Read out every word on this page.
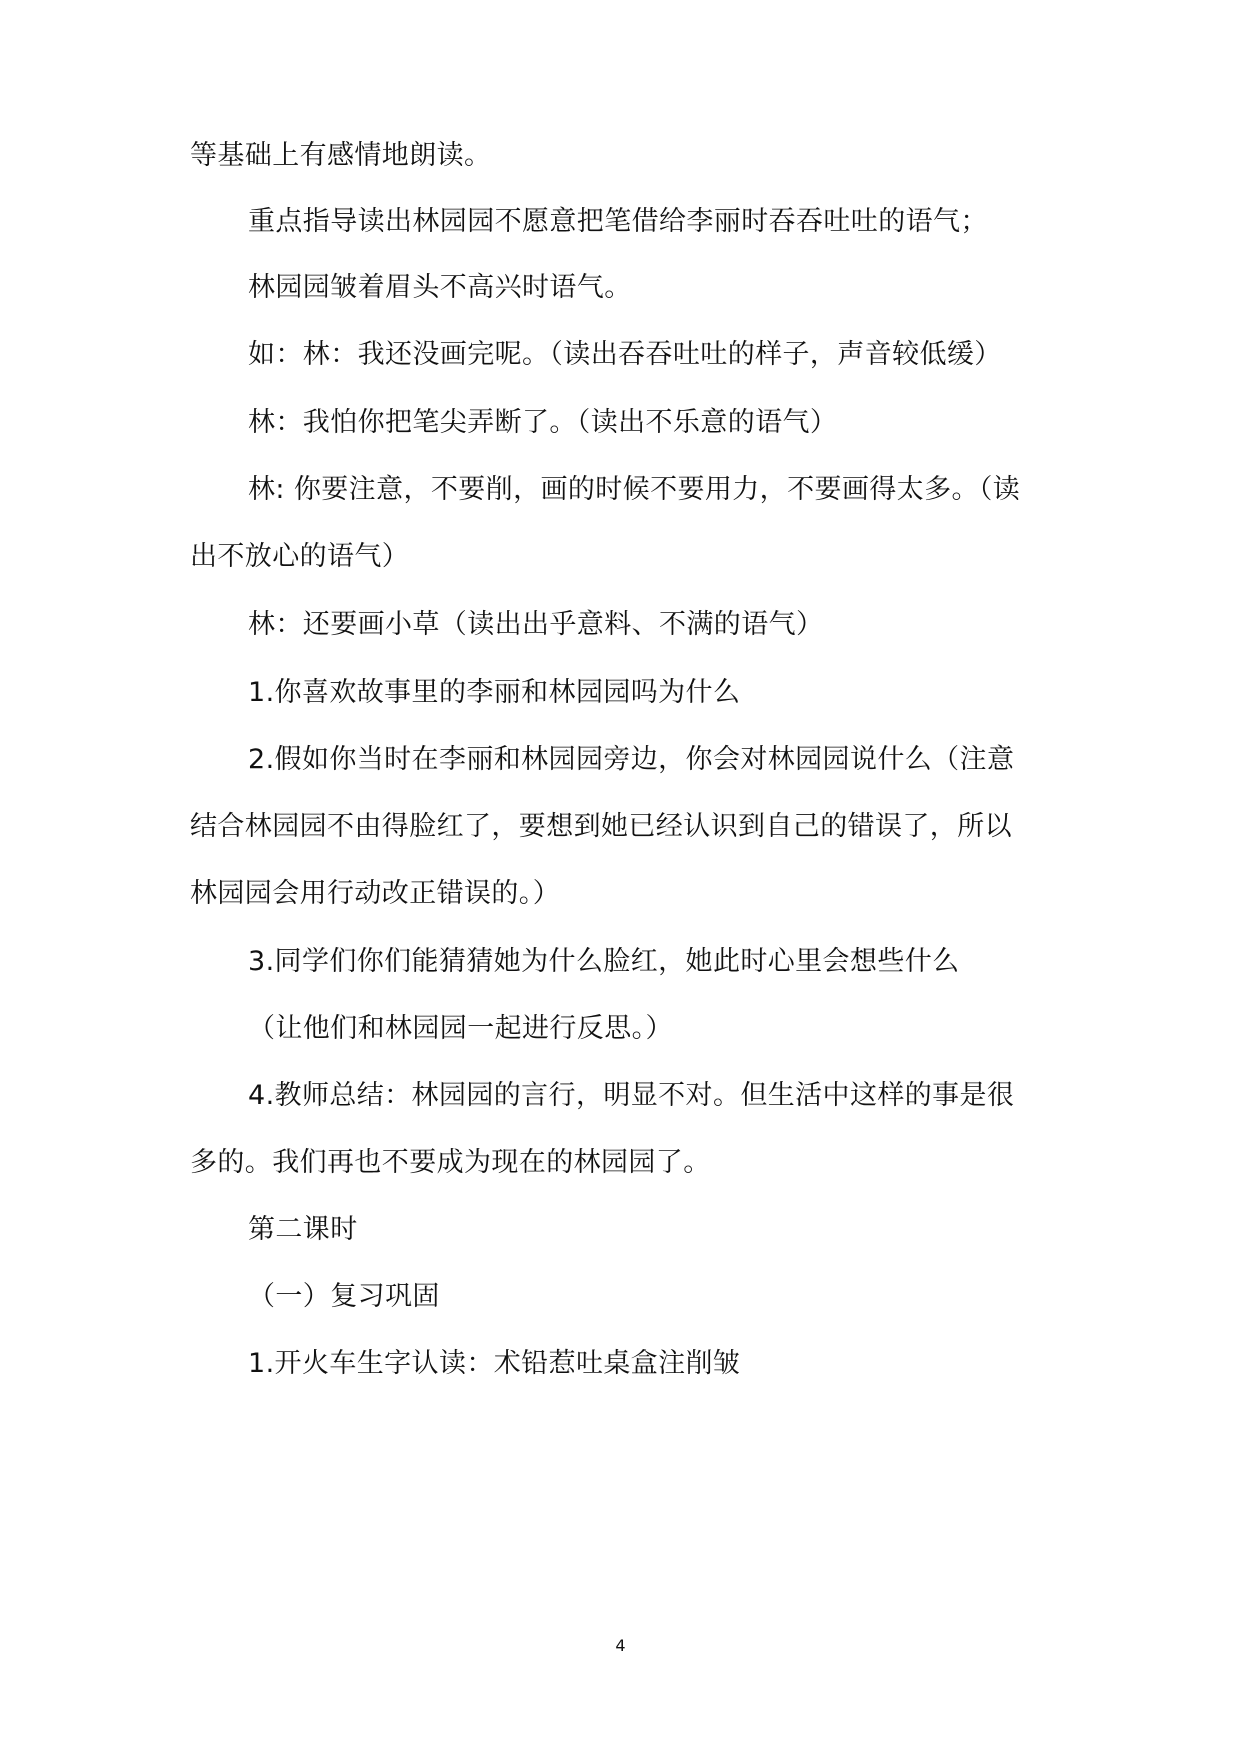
等基础上有感情地朗读。
重点指导读出林园园不愿意把笔借给李丽时吞吞吐吐的语气；
林园园皱着眉头不高兴时语气。
如：林：我还没画完呢。（读出吞吞吐吐的样子，声音较低缓）
林：我怕你把笔尖弄断了。（读出不乐意的语气）
林: 你要注意，不要削，画的时候不要用力，不要画得太多。（读
出不放心的语气）
林：还要画小草（读出出乎意料、不满的语气）
1.你喜欢故事里的李丽和林园园吗为什么
2.假如你当时在李丽和林园园旁边，你会对林园园说什么（注意
结合林园园不由得脸红了，要想到她已经认识到自己的错误了，所以
林园园会用行动改正错误的。）
3.同学们你们能猜猜她为什么脸红，她此时心里会想些什么
（让他们和林园园一起进行反思。）
4.教师总结：林园园的言行，明显不对。但生活中这样的事是很
多的。我们再也不要成为现在的林园园了。
第二课时
（一）复习巩固
1.开火车生字认读：术铅惹吐桌盒注削皱
4
